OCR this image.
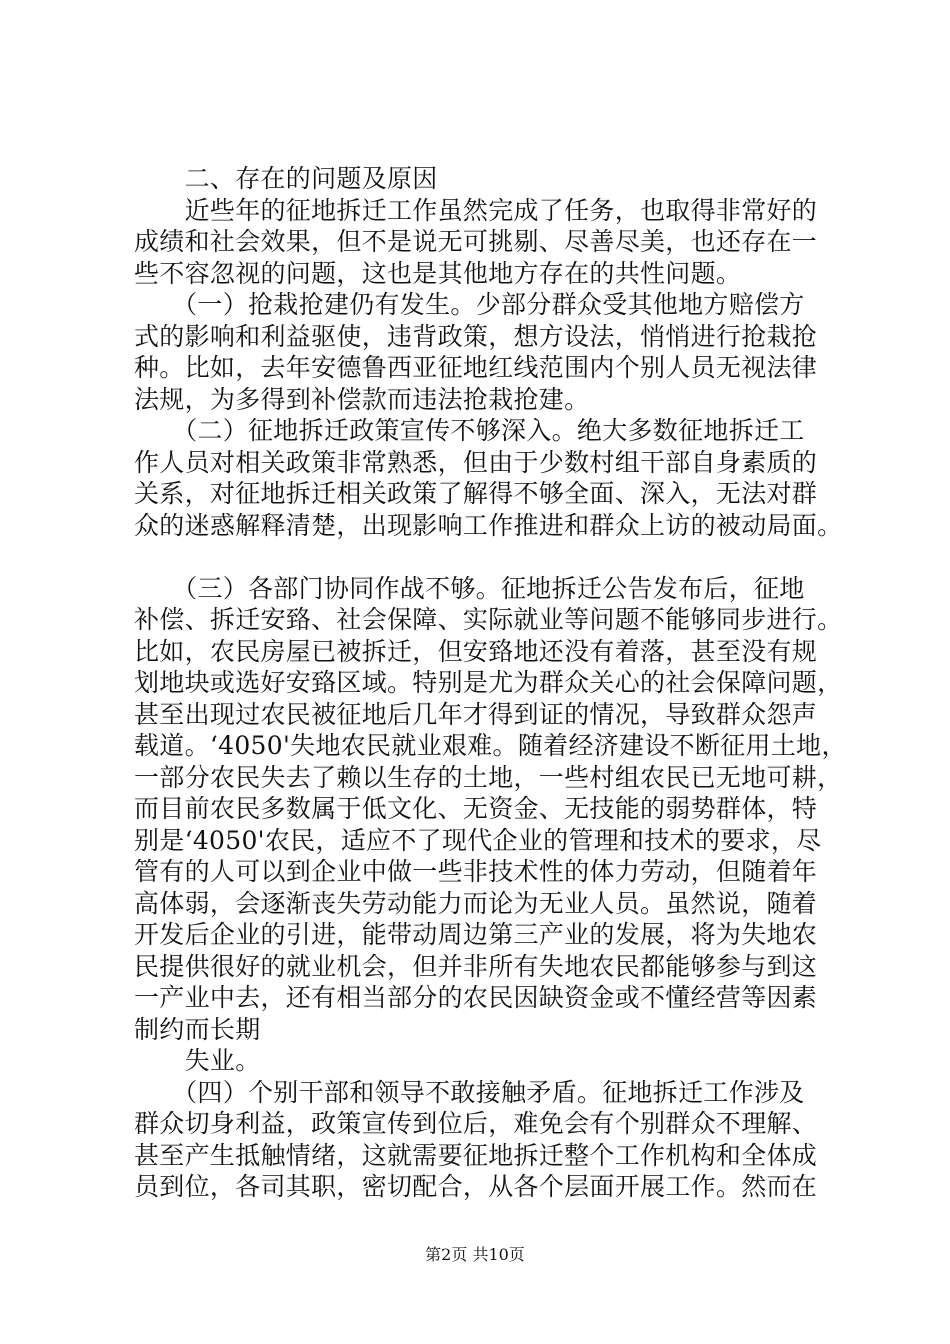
　　二、存在的问题及原因
　　近些年的征地拆迁工作虽然完成了任务，也取得非常好的
成绩和社会效果，但不是说无可挑剔、尽善尽美，也还存在一
些不容忽视的问题，这也是其他地方存在的共性问题。
　　（一）抢栽抢建仍有发生。少部分群众受其他地方赔偿方
式的影响和利益驱使，违背政策，想方设法，悄悄进行抢栽抢
种。比如，去年安德鲁西亚征地红线范围内个别人员无视法律
法规，为多得到补偿款而违法抢栽抢建。
　　（二）征地拆迁政策宣传不够深入。绝大多数征地拆迁工
作人员对相关政策非常熟悉，但由于少数村组干部自身素质的
关系，对征地拆迁相关政策了解得不够全面、深入，无法对群
众的迷惑解释清楚，出现影响工作推进和群众上访的被动局面。
　　（三）各部门协同作战不够。征地拆迁公告发布后，征地
补偿、拆迁安臵、社会保障、实际就业等问题不能够同步进行。
比如，农民房屋已被拆迁，但安臵地还没有着落，甚至没有规
划地块或选好安臵区域。特别是尤为群众关心的社会保障问题，
甚至出现过农民被征地后几年才得到证的情况，导致群众怨声
载道。‘4050'失地农民就业艰难。随着经济建设不断征用土地，
一部分农民失去了赖以生存的土地，一些村组农民已无地可耕，
而目前农民多数属于低文化、无资金、无技能的弱势群体，特
别是‘4050'农民，适应不了现代企业的管理和技术的要求，尽
管有的人可以到企业中做一些非技术性的体力劳动，但随着年
高体弱，会逐渐丧失劳动能力而论为无业人员。虽然说，随着
开发后企业的引进，能带动周边第三产业的发展，将为失地农
民提供很好的就业机会，但并非所有失地农民都能够参与到这
一产业中去，还有相当部分的农民因缺资金或不懂经营等因素
制约而长期
　　失业。
　　（四）个别干部和领导不敢接触矛盾。征地拆迁工作涉及
群众切身利益，政策宣传到位后，难免会有个别群众不理解、
甚至产生抵触情绪，这就需要征地拆迁整个工作机构和全体成
员到位，各司其职，密切配合，从各个层面开展工作。然而在
第2页 共10页
